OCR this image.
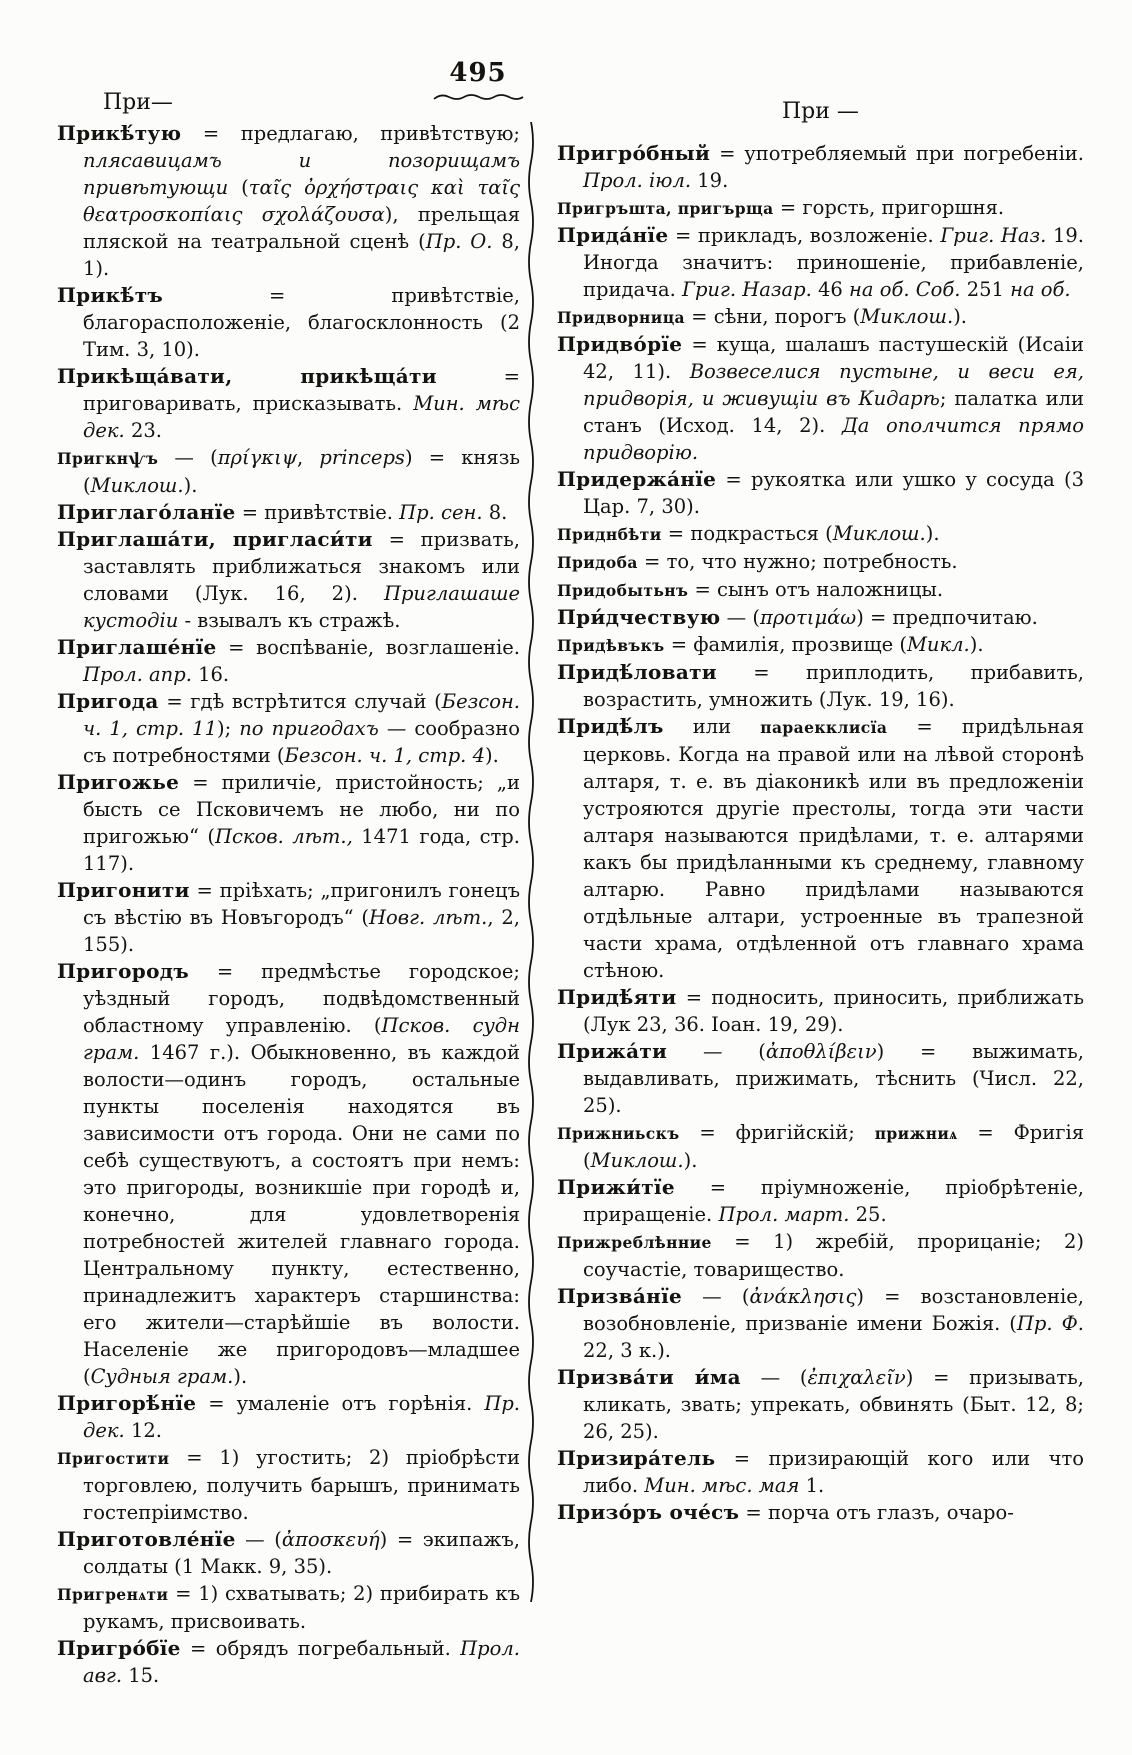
495
При—	При —

Прикѣ́тую = предлагаю, привѣтствую; плясавицамъ и позорищамъ привѣтующи (ταῖς ὀρχήστραις καὶ ταῖς θεατροσκοπίαις σχολάζουσα), прельщая пляской на театральной сценѣ (Пр. О. 8, 1).

Прикѣ́тъ = привѣтствіе, благорасположеніе, благосклонность (2 Тим. 3, 10).

Прикѣща́вати, прикѣща́ти = приговаривать, присказывать. Мин. мѣс дек. 23.

Пригкнѱъ — (πρίγκιψ, princeps) = князь (Миклош.).

Приглаго́ланїе = привѣтствіе. Пр. сен. 8.

Приглаша́ти, пригласи́ти = призвать, заставлять приближаться знакомъ или словами (Лук. 16, 2). Приглашаше кустодіи - взывалъ къ стражѣ.

Приглаше́нїе = воспѣваніе, возглашеніе. Прол. апр. 16.

Пригода = гдѣ встрѣтится случай (Безсон. ч. 1, стр. 11); по пригодахъ — сообразно съ потребностями (Безсон. ч. 1, стр. 4).

Пригожье = приличіе, пристойность; „и бысть се Псковичемъ не любо, ни по пригожью“ (Псков. лѣт., 1471 года, стр. 117).

Пригонити = пріѣхать; „пригонилъ гонецъ съ вѣстію въ Новъгородъ“ (Новг. лѣт., 2, 155).

Пригородъ = предмѣстье городское; уѣздный городъ, подвѣдомственный областному управленію. (Псков. судн грам. 1467 г.). Обыкновенно, въ каждой волости—одинъ городъ, остальные пункты поселенія находятся въ зависимости отъ города. Они не сами по себѣ существуютъ, а состоятъ при немъ: это пригороды, возникшіе при городѣ и, конечно, для удовлетворенія потребностей жителей главнаго города. Центральному пункту, естественно, принадлежитъ характеръ старшинства: его жители—старѣйшіе въ волости. Населеніе же пригородовъ—младшее (Судныя грам.).

Пригорѣ́нїе = умаленіе отъ горѣнія. Пр. дек. 12.

Пригостити = 1) угостить; 2) пріобрѣсти торговлею, получить барышъ, принимать гостепріимство.

Приготовле́нїе — (ἀποσκευή) = экипажъ, солдаты (1 Макк. 9, 35).

Пригренѧти = 1) схватывать; 2) прибирать къ рукамъ, присвоивать.

Пригро́бїе = обрядъ погребальный. Прол. авг. 15.

Пригро́бный = употребляемый при погребеніи. Прол. іюл. 19.

Пригръшта, пригърща = горсть, пригоршня.

Прида́нїе = прикладъ, возложеніе. Григ. Наз. 19. Иногда значитъ: приношеніе, прибавленіе, придача. Григ. Назар. 46 на об. Соб. 251 на об.

Придворница = сѣни, порогъ (Миклош.).

Придво́рїе = куща, шалашъ пастушескій (Исаіи 42, 11). Возвеселися пустыне, и веси ея, придворія, и живущіи въ Кидарѣ; палатка или станъ (Исход. 14, 2). Да ополчится прямо придворію.

Придержа́нїе = рукоятка или ушко у сосуда (3 Цар. 7, 30).

Приднбѣти = подкрасться (Миклош.).

Придоба = то, что нужно; потребность.

Придобытьнъ = сынъ отъ наложницы.

При́дчествую — (προτιμάω) = предпочитаю.

Придѣвъкъ = фамилія, прозвище (Микл.).

Придѣ́ловати = приплодить, прибавить, возрастить, умножить (Лук. 19, 16).

Придѣ́лъ или параекклисїа = придѣльная церковь. Когда на правой или на лѣвой сторонѣ алтаря, т. е. въ діаконикѣ или въ предложеніи устрояются другіе престолы, тогда эти части алтаря называются придѣлами, т. е. алтарями какъ бы придѣланными къ среднему, главному алтарю. Равно придѣлами называются отдѣльные алтари, устроенные въ трапезной части храма, отдѣленной отъ главнаго храма стѣною.

Придѣ́яти = подносить, приносить, приближать (Лук 23, 36. Іоан. 19, 29).

Прижа́ти — (ἀποθλίβειν) = выжимать, выдавливать, прижимать, тѣснить (Числ. 22, 25).

Прижниьскъ = фригійскій; прижниѧ = Фригія (Миклош.).

Прижи́тїе = пріумноженіе, пріобрѣтеніе, приращеніе. Прол. март. 25.

Прижреблѣнние = 1) жребій, прорицаніе; 2) соучастіе, товарищество.

Призва́нїе — (ἀνάκλησις) = возстановленіе, возобновленіе, призваніе имени Божія. (Пр. Ф. 22, 3 к.).

Призва́ти и́ма — (ἐπιχαλεῖν) = призывать, кликать, звать; упрекать, обвинять (Быт. 12, 8; 26, 25).

Призира́тель = призирающій кого или что либо. Мин. мѣс. мая 1.

Призо́ръ оче́съ = порча отъ глазъ, очаро-
